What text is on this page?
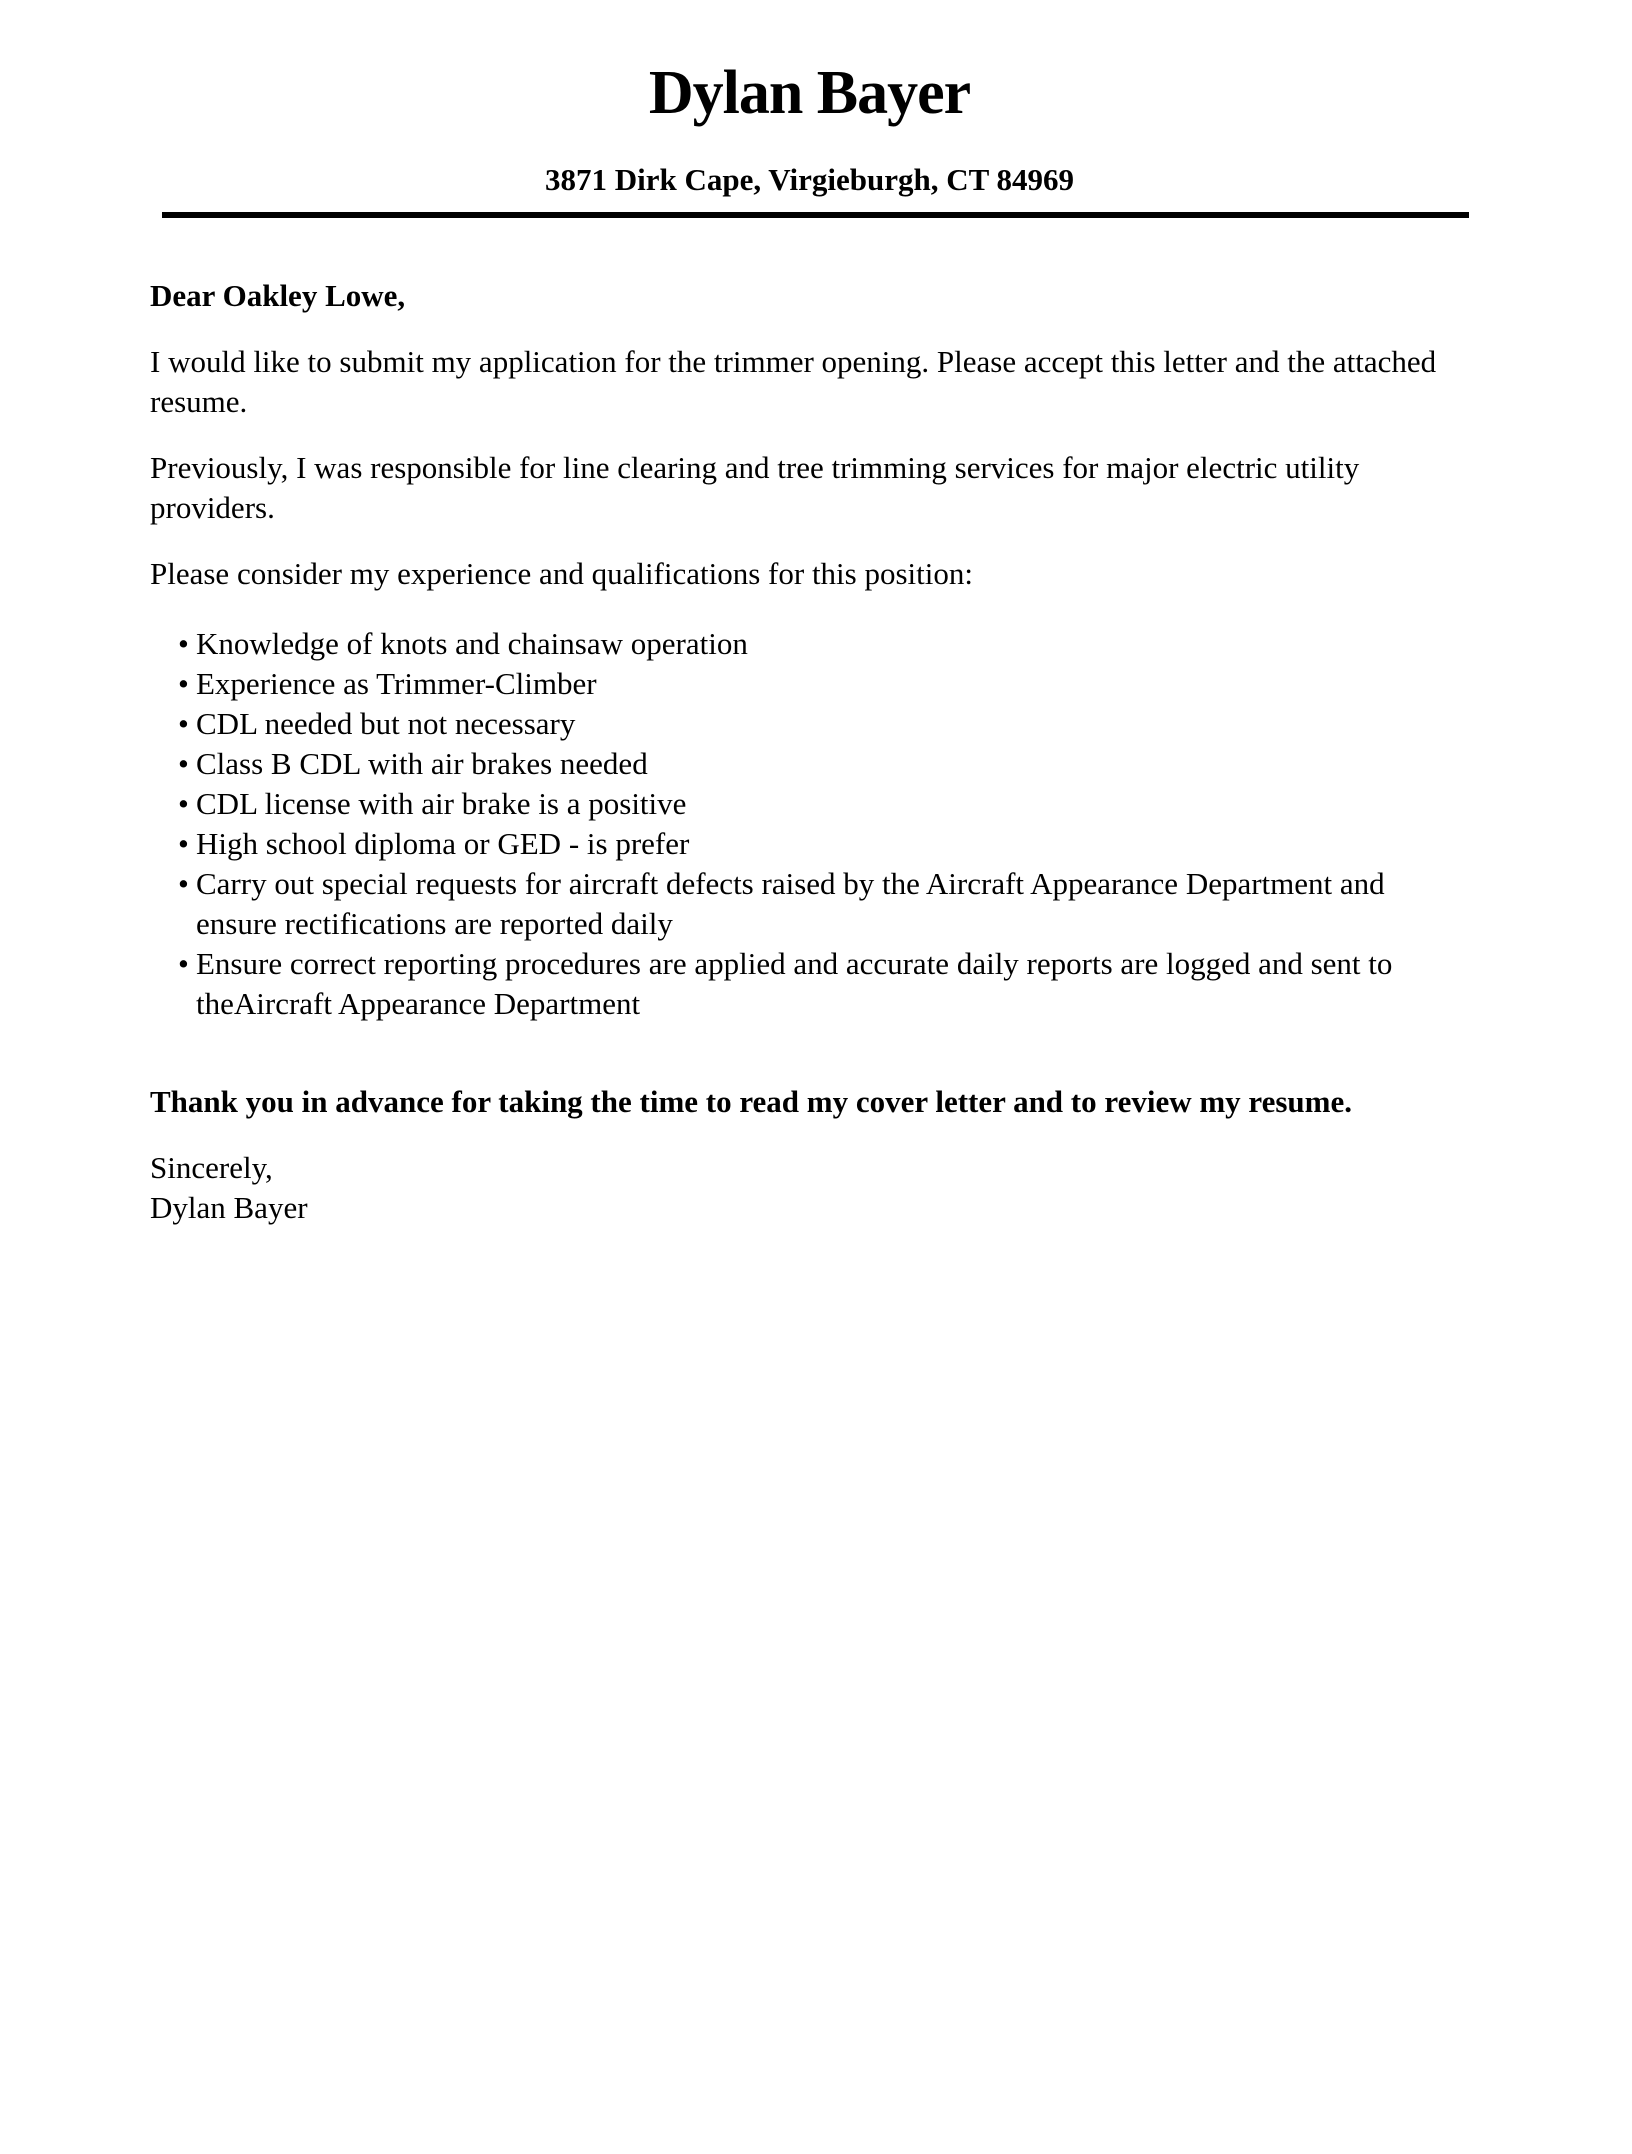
Dylan Bayer
3871 Dirk Cape, Virgieburgh, CT 84969

Dear Oakley Lowe,

I would like to submit my application for the trimmer opening. Please accept this letter and the attached resume.

Previously, I was responsible for line clearing and tree trimming services for major electric utility providers.

Please consider my experience and qualifications for this position:

• Knowledge of knots and chainsaw operation
• Experience as Trimmer-Climber
• CDL needed but not necessary
• Class B CDL with air brakes needed
• CDL license with air brake is a positive
• High school diploma or GED - is prefer
• Carry out special requests for aircraft defects raised by the Aircraft Appearance Department and ensure rectifications are reported daily
• Ensure correct reporting procedures are applied and accurate daily reports are logged and sent to theAircraft Appearance Department

Thank you in advance for taking the time to read my cover letter and to review my resume.

Sincerely,
Dylan Bayer
